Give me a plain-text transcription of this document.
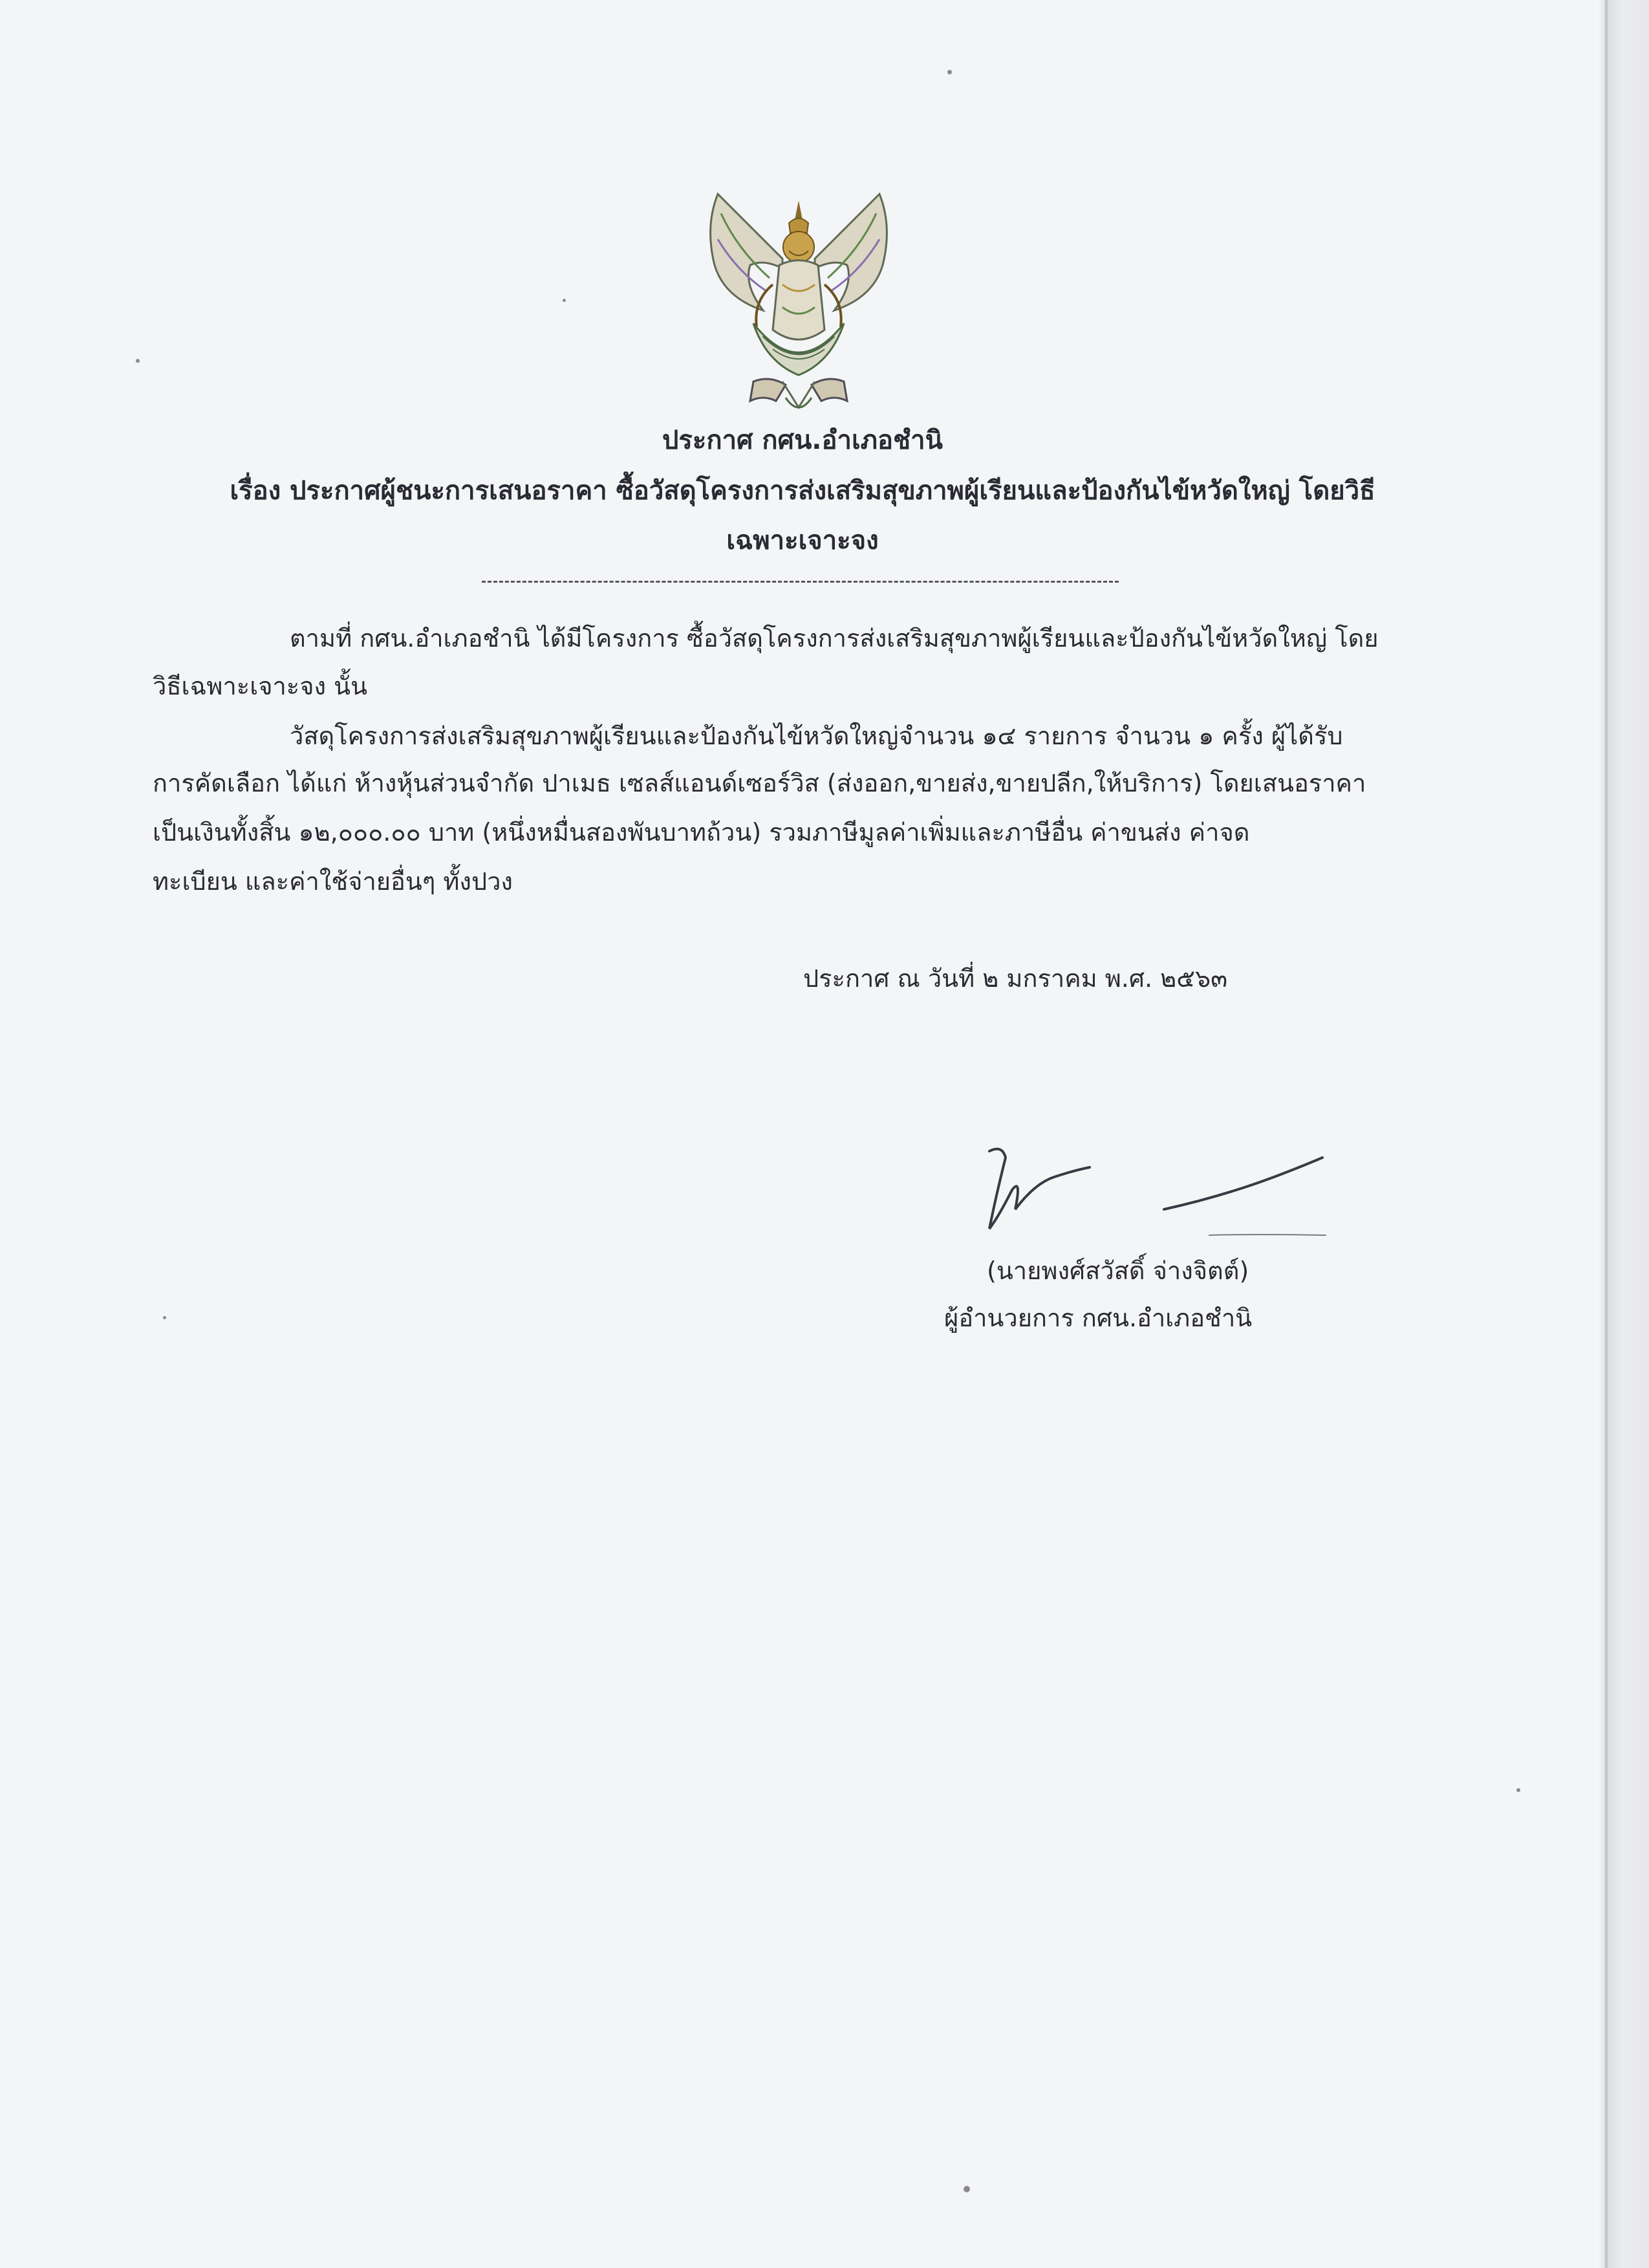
ประกาศ กศน.อำเภอชำนิ
เรื่อง ประกาศผู้ชนะการเสนอราคา ซื้อวัสดุโครงการส่งเสริมสุขภาพผู้เรียนและป้องกันไข้หวัดใหญ่ โดยวิธี
เฉพาะเจาะจง
ตามที่ กศน.อำเภอชำนิ ได้มีโครงการ ซื้อวัสดุโครงการส่งเสริมสุขภาพผู้เรียนและป้องกันไข้หวัดใหญ่ โดย
วิธีเฉพาะเจาะจง นั้น
วัสดุโครงการส่งเสริมสุขภาพผู้เรียนและป้องกันไข้หวัดใหญ่จำนวน ๑๔ รายการ จำนวน ๑ ครั้ง ผู้ได้รับ
การคัดเลือก ได้แก่ ห้างหุ้นส่วนจำกัด ปาเมธ เซลส์แอนด์เซอร์วิส (ส่งออก,ขายส่ง,ขายปลีก,ให้บริการ) โดยเสนอราคา
เป็นเงินทั้งสิ้น ๑๒,๐๐๐.๐๐ บาท (หนึ่งหมื่นสองพันบาทถ้วน) รวมภาษีมูลค่าเพิ่มและภาษีอื่น ค่าขนส่ง ค่าจด
ทะเบียน และค่าใช้จ่ายอื่นๆ ทั้งปวง
ประกาศ ณ วันที่ ๒ มกราคม พ.ศ. ๒๕๖๓
(นายพงศ์สวัสดิ์ จ่างจิตต์)
ผู้อำนวยการ กศน.อำเภอชำนิ
